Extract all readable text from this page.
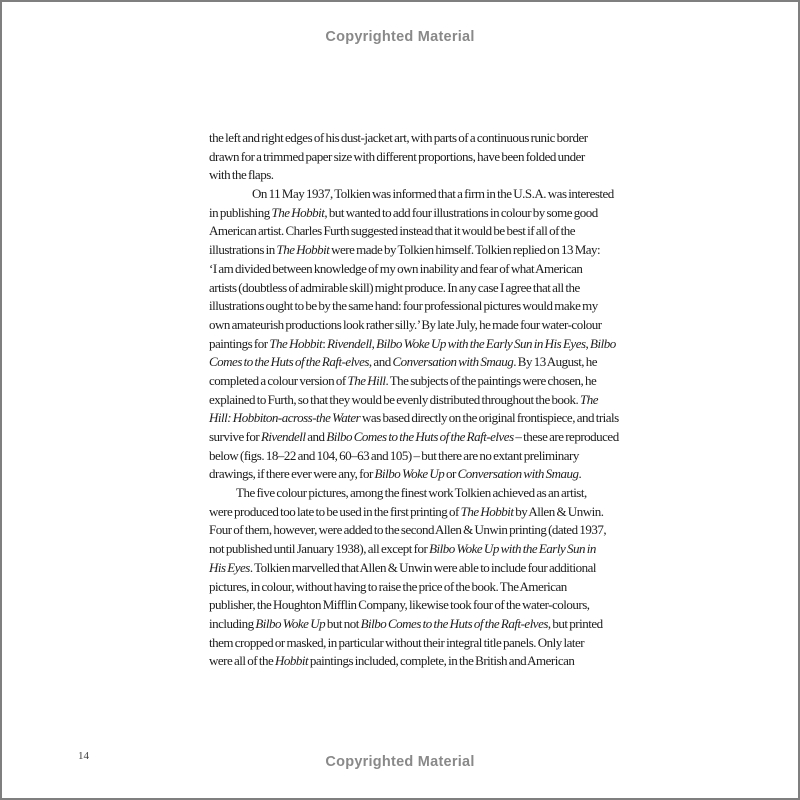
Copyrighted Material
the left and right edges of his dust-jacket art, with parts of a continuous runic border
drawn for a trimmed paper size with different proportions, have been folded under
with the flaps.
On 11 May 1937, Tolkien was informed that a firm in the U.S.A. was interested
in publishing The Hobbit, but wanted to add four illustrations in colour by some good
American artist. Charles Furth suggested instead that it would be best if all of the
illustrations in The Hobbit were made by Tolkien himself. Tolkien replied on 13 May:
‘I am divided between knowledge of my own inability and fear of what American
artists (doubtless of admirable skill) might produce. In any case I agree that all the
illustrations ought to be by the same hand: four professional pictures would make my
own amateurish productions look rather silly.’ By late July, he made four water-colour
paintings for The Hobbit: Rivendell, Bilbo Woke Up with the Early Sun in His Eyes, Bilbo
Comes to the Huts of the Raft-elves, and Conversation with Smaug. By 13 August, he
completed a colour version of The Hill. The subjects of the paintings were chosen, he
explained to Furth, so that they would be evenly distributed throughout the book. The
Hill: Hobbiton-across-the Water was based directly on the original frontispiece, and trials
survive for Rivendell and Bilbo Comes to the Huts of the Raft-elves – these are reproduced
below (figs. 18–22 and 104, 60–63 and 105) – but there are no extant preliminary
drawings, if there ever were any, for Bilbo Woke Up or Conversation with Smaug.
The five colour pictures, among the finest work Tolkien achieved as an artist,
were produced too late to be used in the first printing of The Hobbit by Allen & Unwin.
Four of them, however, were added to the second Allen & Unwin printing (dated 1937,
not published until January 1938), all except for Bilbo Woke Up with the Early Sun in
His Eyes. Tolkien marvelled that Allen & Unwin were able to include four additional
pictures, in colour, without having to raise the price of the book. The American
publisher, the Houghton Mifflin Company, likewise took four of the water-colours,
including Bilbo Woke Up but not Bilbo Comes to the Huts of the Raft-elves, but printed
them cropped or masked, in particular without their integral title panels. Only later
were all of the Hobbit paintings included, complete, in the British and American
14	Copyrighted Material
